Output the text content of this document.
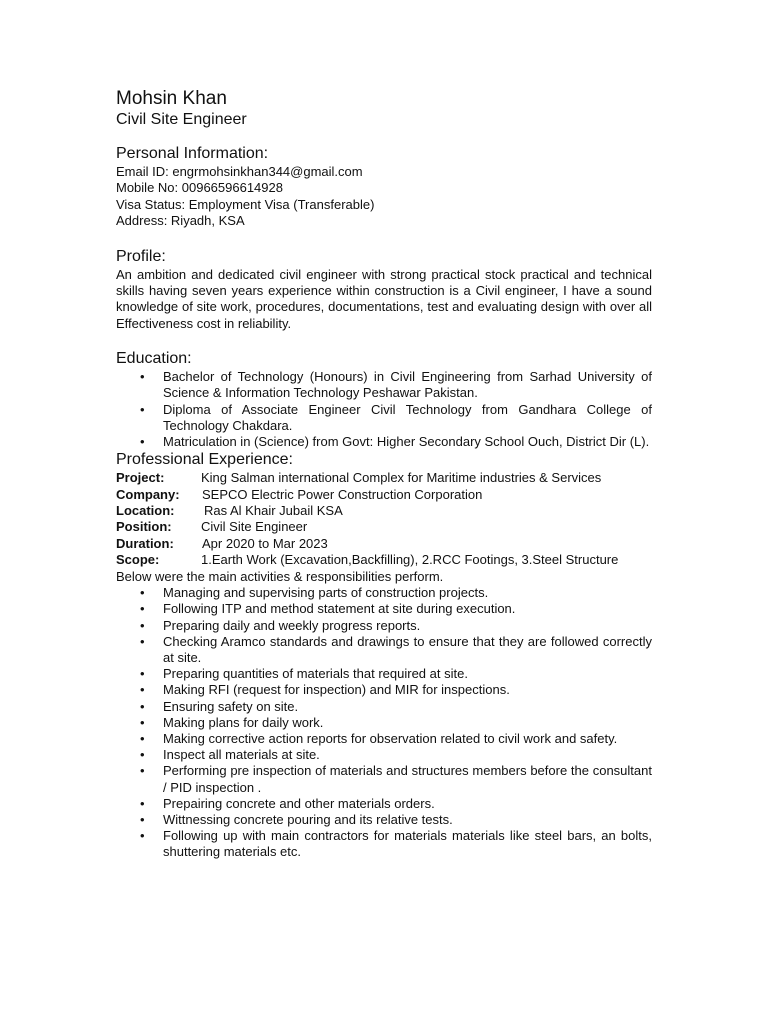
Mohsin Khan
Civil Site Engineer
Personal Information:
Email ID: engrmohsinkhan344@gmail.com
Mobile No: 00966596614928
Visa Status: Employment Visa (Transferable)
Address: Riyadh, KSA
Profile:

An ambition and dedicated civil engineer with strong practical stock practical and technical skills having seven years experience within construction is a Civil engineer, I have a sound knowledge of site work, procedures, documentations, test and evaluating design with over all Effectiveness cost in reliability.

Education:
• Bachelor of Technology (Honours) in Civil Engineering from Sarhad University of Science & Information Technology Peshawar Pakistan.
• Diploma of Associate Engineer Civil Technology from Gandhara College of Technology Chakdara.
• Matriculation in (Science) from Govt: Higher Secondary School Ouch, District Dir (L).
Professional Experience:
Project:	King Salman international Complex for Maritime industries & Services
Company:	SEPCO Electric Power Construction Corporation
Location:	Ras Al Khair Jubail KSA
Position:	Civil Site Engineer
Duration:	Apr 2020 to Mar 2023
Scope:	1.Earth Work (Excavation,Backfilling), 2.RCC Footings, 3.Steel Structure
Below were the main activities & responsibilities perform.
• Managing and supervising parts of construction projects.
• Following ITP and method statement at site during execution.
• Preparing daily and weekly progress reports.
• Checking Aramco standards and drawings to ensure that they are followed correctly at site.
• Preparing quantities of materials that required at site.
• Making RFI (request for inspection) and MIR for inspections.
• Ensuring safety on site.
• Making plans for daily work.
• Making corrective action reports for observation related to civil work and safety.
• Inspect all materials at site.
• Performing pre inspection of materials and structures members before the consultant / PID inspection .
• Prepairing concrete and other materials orders.
• Wittnessing concrete pouring and its relative tests.
• Following up with main contractors for materials materials like steel bars, an bolts, shuttering materials etc.
